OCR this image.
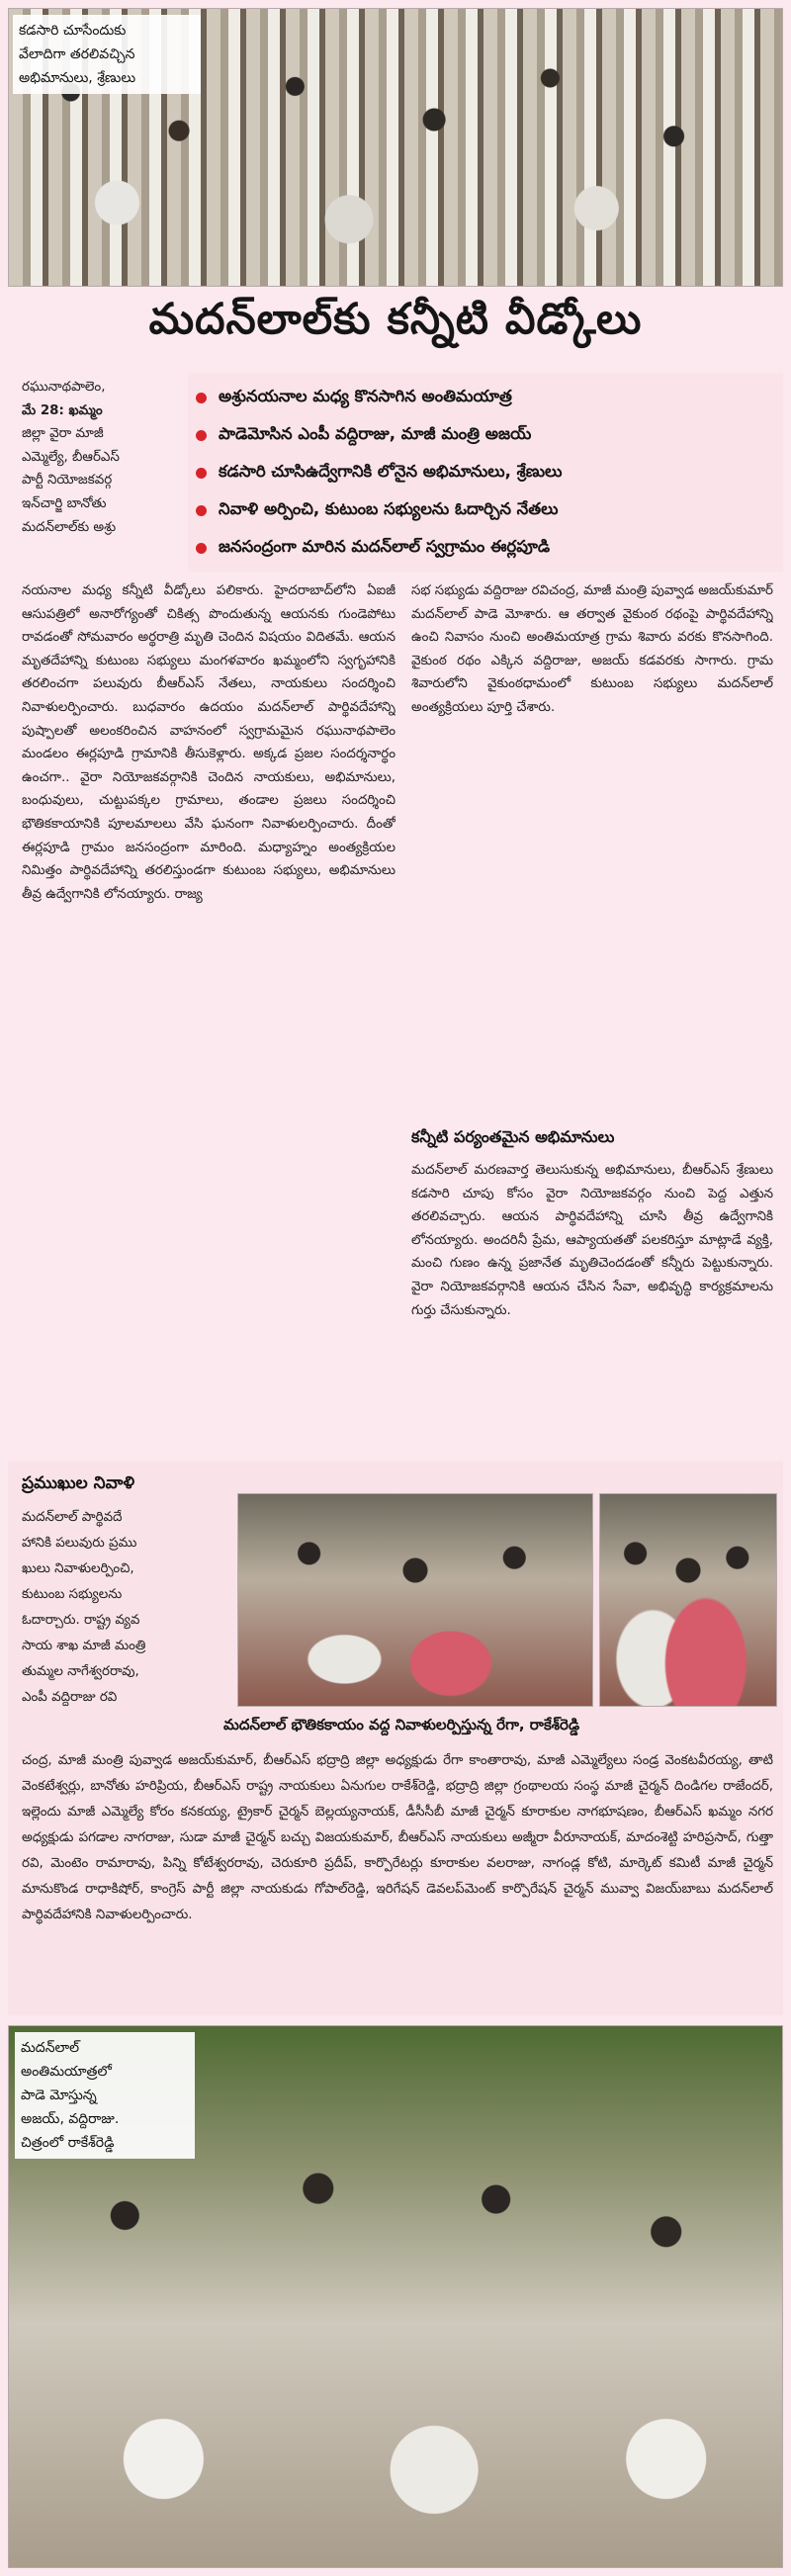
కడసారి చూసేందుకు
వేలాదిగా తరలివచ్చిన
అభిమానులు, శ్రేణులు
మదన్‌లాల్‌కు కన్నీటి వీడ్కోలు
రఘునాథపాలెం,
మే 28: ఖమ్మం
జిల్లా వైరా మాజీ
ఎమ్మెల్యే, బీఆర్‌ఎస్
పార్టీ నియోజకవర్గ
ఇన్‌చార్జి బానోతు
మదన్‌లాల్‌కు అశ్రు
అశ్రునయనాల మధ్య కొనసాగిన అంతిమయాత్ర
పాడెమోసిన ఎంపీ వద్దిరాజు, మాజీ మంత్రి అజయ్
కడసారి చూసిఉద్వేగానికి లోనైన అభిమానులు, శ్రేణులు
నివాళి అర్పించి, కుటుంబ సభ్యులను ఓదార్చిన నేతలు
జనసంద్రంగా మారిన మదన్‌లాల్ స్వగ్రామం ఈర్లపూడి

నయనాల మధ్య కన్నీటి వీడ్కోలు పలికారు. హైదరాబాద్‌లోని ఏఐజీ ఆసుపత్రిలో అనారోగ్యంతో చికిత్స పొందుతున్న ఆయనకు గుండెపోటు రావడంతో సోమవారం అర్థరాత్రి మృతి చెందిన విషయం విదితమే. ఆయన మృతదేహాన్ని కుటుంబ సభ్యులు మంగళవారం ఖమ్మంలోని స్వగృహానికి తరలించగా పలువురు బీఆర్‌ఎస్ నేతలు, నాయకులు సందర్శించి నివాళులర్పించారు. బుధవారం ఉదయం మదన్‌లాల్ పార్థివదేహాన్ని పుష్పాలతో అలంకరించిన వాహనంలో స్వగ్రామమైన రఘునాథపాలెం మండలం ఈర్లపూడి గ్రామానికి తీసుకెళ్లారు. అక్కడ ప్రజల సందర్శనార్థం ఉంచగా.. వైరా నియోజకవర్గానికి చెందిన నాయకులు, అభిమానులు, బంధువులు, చుట్టుపక్కల గ్రామాలు, తండాల ప్రజలు సందర్శించి భౌతికకాయానికి పూలమాలలు వేసి ఘనంగా నివాళులర్పించారు. దీంతో ఈర్లపూడి గ్రామం జనసంద్రంగా మారింది. మధ్యాహ్నం అంత్యక్రియల నిమిత్తం పార్థివదేహాన్ని తరలిస్తుండగా కుటుంబ సభ్యులు, అభిమానులు తీవ్ర ఉద్వేగానికి లోనయ్యారు. రాజ్య

సభ సభ్యుడు వద్దిరాజు రవిచంద్ర, మాజీ మంత్రి పువ్వాడ అజయ్‌కుమార్ మదన్‌లాల్ పాడె మోశారు. ఆ తర్వాత వైకుంఠ రథంపై పార్థివదేహాన్ని ఉంచి నివాసం నుంచి అంతిమయాత్ర గ్రామ శివారు వరకు కొనసాగింది. వైకుంఠ రథం ఎక్కిన వద్దిరాజు, అజయ్ కడవరకు సాగారు. గ్రామ శివారులోని వైకుంఠధామంలో కుటుంబ సభ్యులు మదన్‌లాల్ అంత్యక్రియలు పూర్తి చేశారు.

కన్నీటి పర్యంతమైన అభిమానులు

మదన్‌లాల్ మరణవార్త తెలుసుకున్న అభిమానులు, బీఆర్‌ఎస్ శ్రేణులు కడసారి చూపు కోసం వైరా నియోజకవర్గం నుంచి పెద్ద ఎత్తున తరలివచ్చారు. ఆయన పార్థివదేహాన్ని చూసి తీవ్ర ఉద్వేగానికి లోనయ్యారు. అందరినీ ప్రేమ, ఆప్యాయతతో పలకరిస్తూ మాట్లాడే వ్యక్తి, మంచి గుణం ఉన్న ప్రజానేత మృతిచెందడంతో కన్నీరు పెట్టుకున్నారు. వైరా నియోజకవర్గానికి ఆయన చేసిన సేవా, అభివృద్ధి కార్యక్రమాలను గుర్తు చేసుకున్నారు.

ప్రముఖుల నివాళి
మదన్‌లాల్ పార్థివదే
హానికి పలువురు ప్రము
ఖులు నివాళులర్పించి,
కుటుంబ సభ్యులను
ఓదార్చారు. రాష్ట్ర వ్యవ
సాయ శాఖ మాజీ మంత్రి
తుమ్మల నాగేశ్వరరావు,
ఎంపీ వద్దిరాజు రవి
మదన్‌లాల్ భౌతికకాయం వద్ద నివాళులర్పిస్తున్న రేగా, రాకేశ్‌రెడ్డి

చంద్ర, మాజీ మంత్రి పువ్వాడ అజయ్‌కుమార్, బీఆర్‌ఎస్ భద్రాద్రి జిల్లా అధ్యక్షుడు రేగా కాంతారావు, మాజీ ఎమ్మెల్యేలు సండ్ర వెంకటవీరయ్య, తాటి వెంకటేశ్వర్లు, బానోతు హరిప్రియ, బీఆర్‌ఎస్ రాష్ట్ర నాయకులు ఏనుగుల రాకేశ్‌రెడ్డి, భద్రాద్రి జిల్లా గ్రంథాలయ సంస్థ మాజీ చైర్మన్ దిండిగల రాజేందర్, ఇల్లెందు మాజీ ఎమ్మెల్యే కోరం కనకయ్య, ట్రైకార్ చైర్మన్ బెల్లయ్యనాయక్, డీసీసీబీ మాజీ చైర్మన్ కూరాకుల నాగభూషణం, బీఆర్‌ఎస్ ఖమ్మం నగర అధ్యక్షుడు పగడాల నాగరాజు, సుడా మాజీ చైర్మన్ బచ్చు విజయకుమార్, బీఆర్‌ఎస్ నాయకులు అజ్మీరా వీరూనాయక్, మాదంశెట్టి హరిప్రసాద్, గుత్తా రవి, మెంటెం రామారావు, పిన్ని కోటేశ్వరరావు, చెరుకూరి ప్రదీప్, కార్పొరేటర్లు కూరాకుల వలరాజు, నాగండ్ల కోటి, మార్కెట్ కమిటీ మాజీ చైర్మన్ మానుకొండ రాధాకిషోర్, కాంగ్రెస్ పార్టీ జిల్లా నాయకుడు గోపాల్‌రెడ్డి, ఇరిగేషన్ డెవలప్‌మెంట్ కార్పొరేషన్ చైర్మన్ మువ్వా విజయ్‌బాబు మదన్‌లాల్ పార్థివదేహానికి నివాళులర్పించారు.

మదన్‌లాల్
అంతిమయాత్రలో
పాడె మోస్తున్న
అజయ్, వద్దిరాజు.
చిత్రంలో రాకేశ్‌రెడ్డి
